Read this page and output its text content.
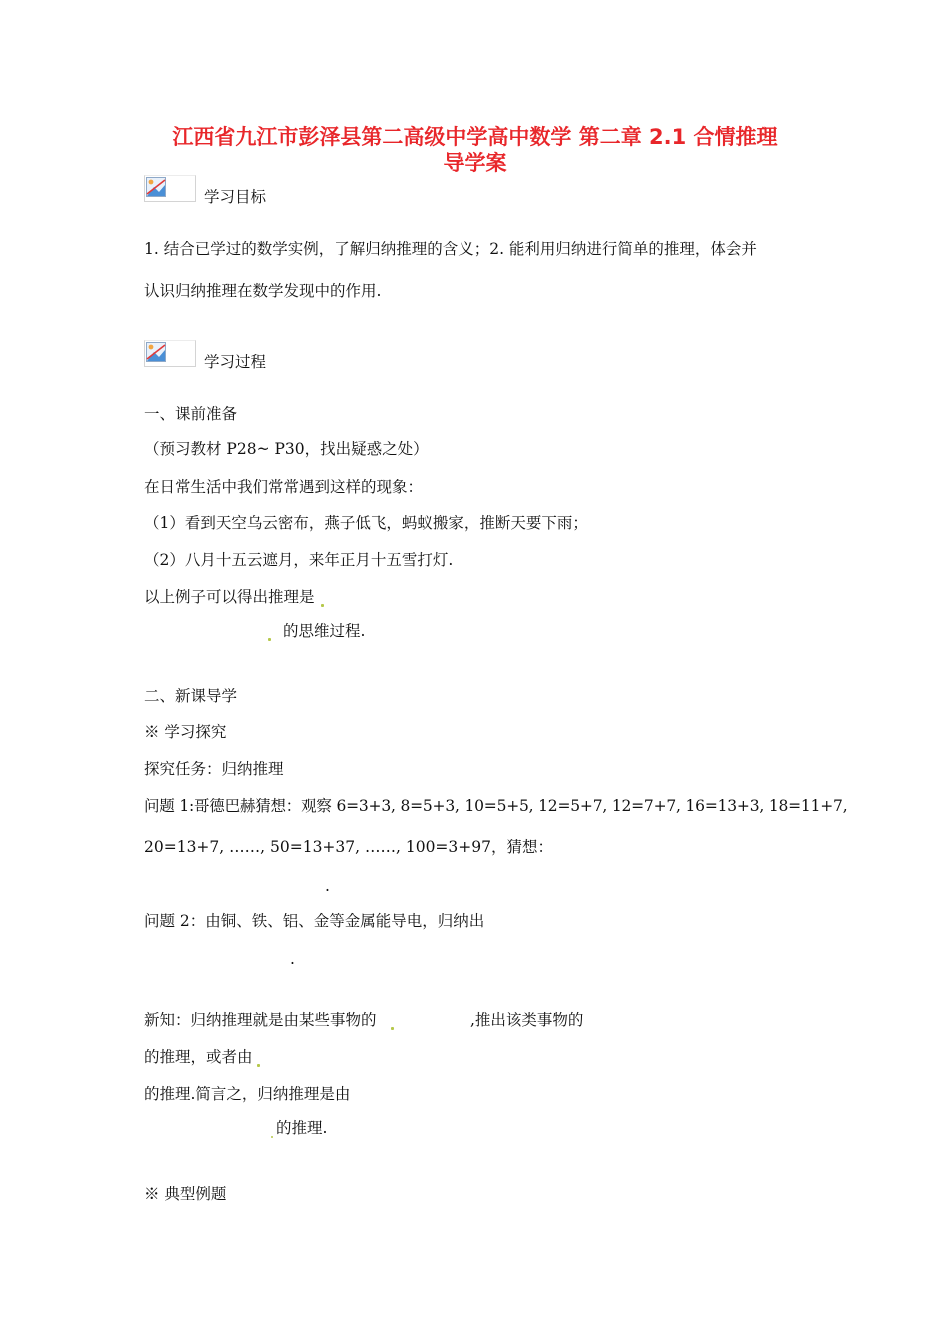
江西省九江市彭泽县第二高级中学高中数学 第二章 2.1 合情推理
导学案
学习目标
1. 结合已学过的数学实例，了解归纳推理的含义；2. 能利用归纳进行简单的推理，体会并
认识归纳推理在数学发现中的作用.
学习过程
一、课前准备
（预习教材 P28~ P30，找出疑惑之处）
在日常生活中我们常常遇到这样的现象：
（1）看到天空乌云密布，燕子低飞，蚂蚁搬家，推断天要下雨；
（2）八月十五云遮月，来年正月十五雪打灯.
以上例子可以得出推理是
的思维过程.
二、新课导学
※ 学习探究
探究任务：归纳推理
问题 1:哥德巴赫猜想：观察 6=3+3, 8=5+3, 10=5+5, 12=5+7, 12=7+7, 16=13+3, 18=11+7,
20=13+7, ……, 50=13+37, ……, 100=3+97，猜想：
.
问题 2：由铜、铁、铝、金等金属能导电，归纳出
.
新知：归纳推理就是由某些事物的	,推出该类事物的
的推理，或者由
的推理.简言之，归纳推理是由
的推理.
※ 典型例题
